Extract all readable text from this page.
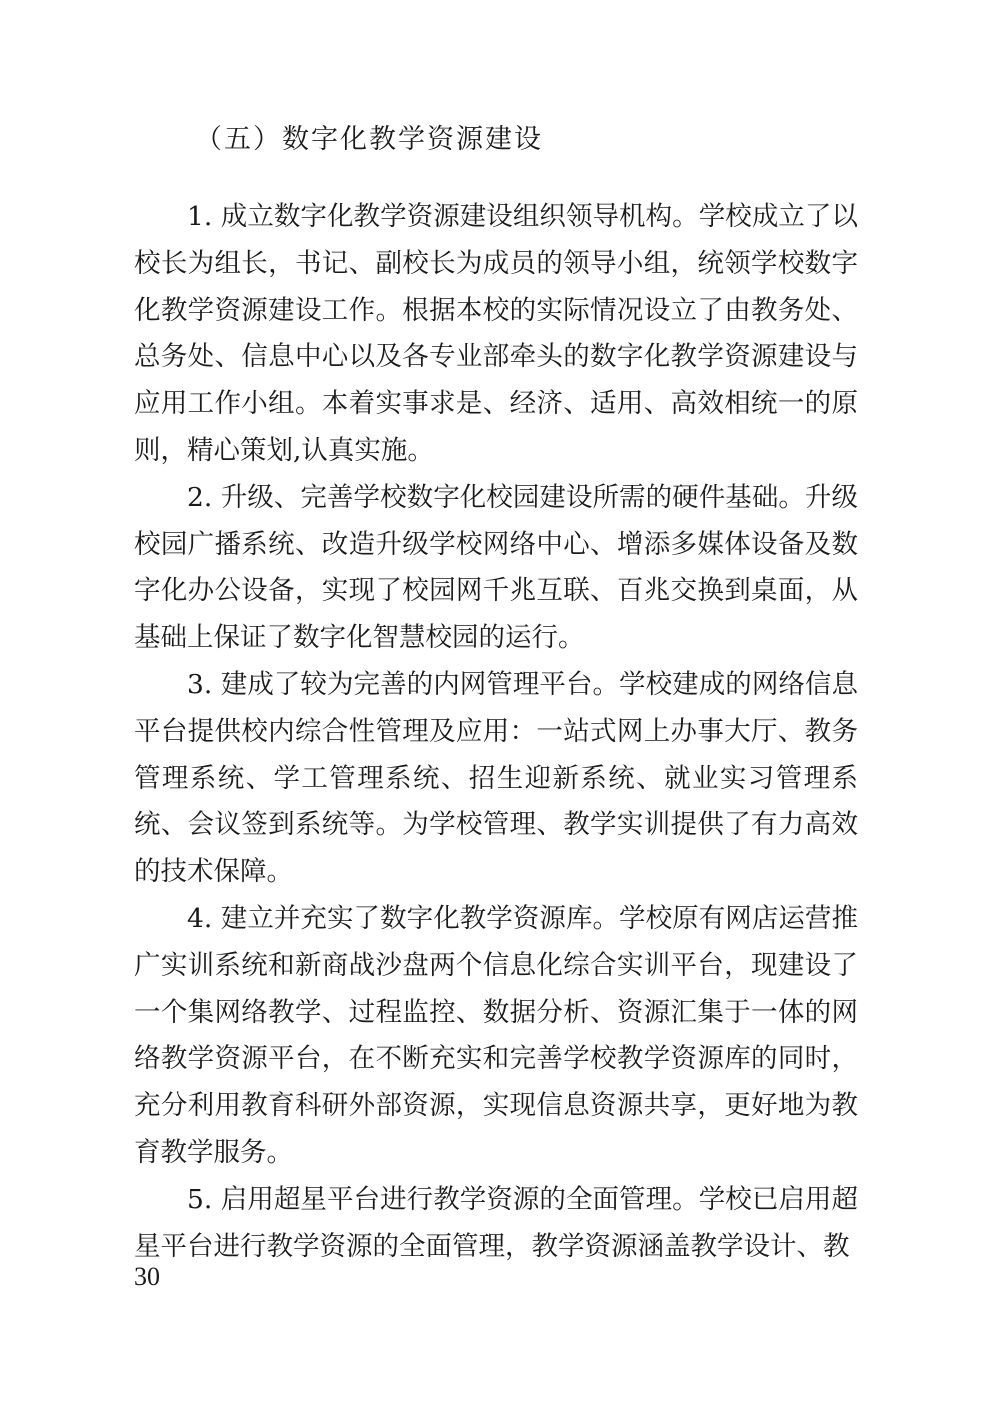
（五）数字化教学资源建设

1. 成立数字化教学资源建设组织领导机构。学校成立了以校长为组长，书记、副校长为成员的领导小组，统领学校数字化教学资源建设工作。根据本校的实际情况设立了由教务处、总务处、信息中心以及各专业部牵头的数字化教学资源建设与应用工作小组。本着实事求是、经济、适用、高效相统一的原则，精心策划,认真实施。

2. 升级、完善学校数字化校园建设所需的硬件基础。升级校园广播系统、改造升级学校网络中心、增添多媒体设备及数字化办公设备，实现了校园网千兆互联、百兆交换到桌面，从基础上保证了数字化智慧校园的运行。

3. 建成了较为完善的内网管理平台。学校建成的网络信息平台提供校内综合性管理及应用：一站式网上办事大厅、教务管理系统、学工管理系统、招生迎新系统、就业实习管理系统、会议签到系统等。为学校管理、教学实训提供了有力高效的技术保障。

4. 建立并充实了数字化教学资源库。学校原有网店运营推广实训系统和新商战沙盘两个信息化综合实训平台，现建设了一个集网络教学、过程监控、数据分析、资源汇集于一体的网络教学资源平台，在不断充实和完善学校教学资源库的同时，充分利用教育科研外部资源，实现信息资源共享，更好地为教育教学服务。

5. 启用超星平台进行教学资源的全面管理。学校已启用超星平台进行教学资源的全面管理，教学资源涵盖教学设计、教

30
